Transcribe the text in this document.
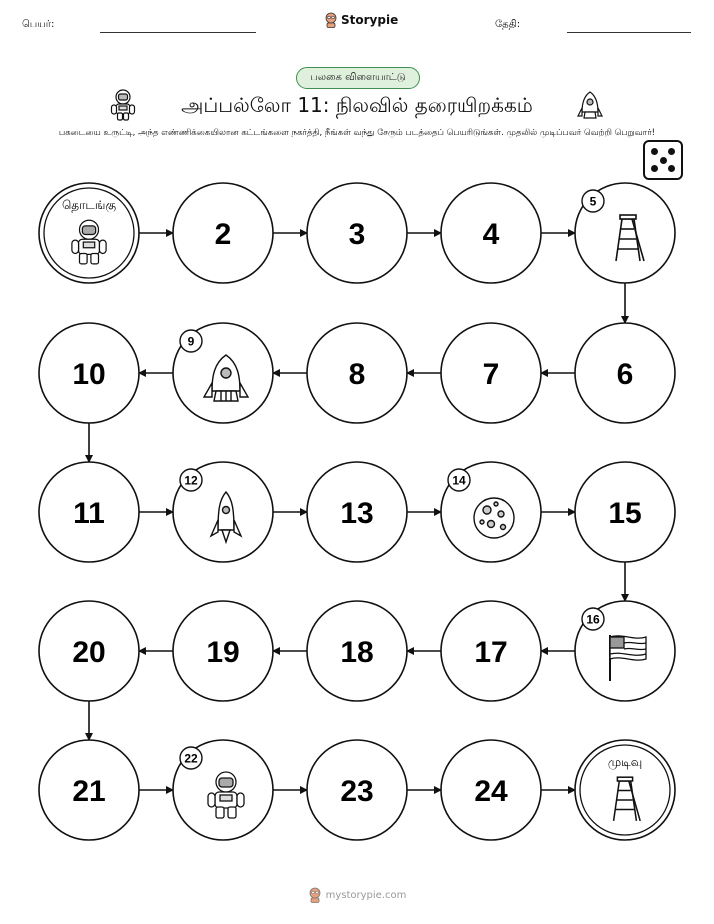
பெயர்:	Storypie	தேதி:
பலகை விளையாட்டு
அப்பல்லோ 11: நிலவில் தரையிறக்கம்
பகடையை உருட்டி, அந்த எண்ணிக்கையிலான கட்டங்களை நகர்த்தி, நீங்கள் வந்து சேரும் படத்தைப் பெயரிடுங்கள். முதலில் முடிப்பவர் வெற்றி பெறுவார்!
தொடங்கு
2	3	4
5
10
9
8	7	6
11
12
13
14
15
20	19	18	17
16
21
22
23	24
முடிவு
mystorypie.com
